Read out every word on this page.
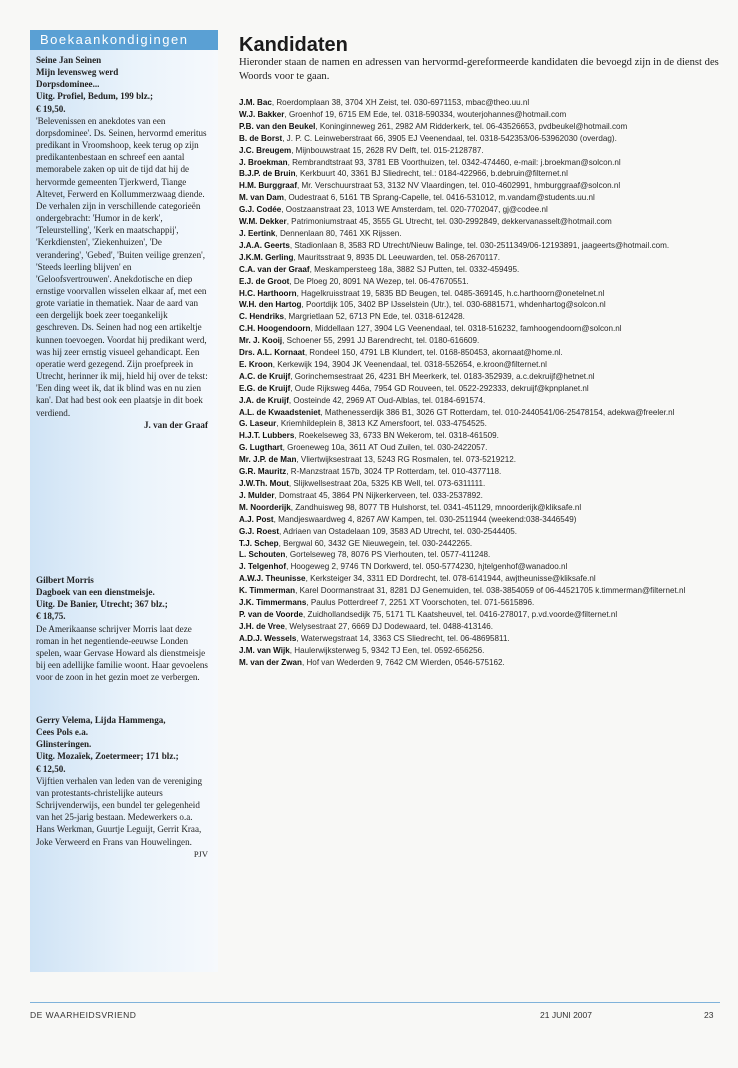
Boekaankondigingen

Seine Jan Seinen

Mijn levensweg werd

Dorpsdominee...

Uitg. Profiel, Bedum, 199 blz.;

€ 19,50.

'Belevenissen en anekdotes van een dorpsdominee'. Ds. Seinen, hervormd emeritus predikant in Vroomshoop, keek terug op zijn predikantenbestaan en schreef een aantal memorabele zaken op uit de tijd dat hij de hervormde gemeenten Tjerkwerd, Tiange Altevet, Ferwerd en Kollummerzwaag diende. De verhalen zijn in verschillende categorieën ondergebracht: 'Humor in de kerk', 'Teleurstelling', 'Kerk en maatschappij', 'Kerkdiensten', 'Ziekenhuizen', 'De verandering', 'Gebed', 'Buiten veilige grenzen', 'Steeds leerling blijven' en 'Geloofsvertrouwen'. Anekdotische en diep ernstige voorvallen wisselen elkaar af, met een grote variatie in thematiek. Naar de aard van een dergelijk boek zeer toegankelijk geschreven. Ds. Seinen had nog een artikeltje kunnen toevoegen. Voordat hij predikant werd, was hij zeer ernstig visueel gehandicapt. Een operatie werd gezegend. Zijn proefpreek in Utrecht, herinner ik mij, hield hij over de tekst: 'Een ding weet ik, dat ik blind was en nu zien kan'. Dat had best ook een plaatsje in dit boek verdiend.

J. van der Graaf

Gilbert Morris

Dagboek van een dienstmeisje.

Uitg. De Banier, Utrecht; 367 blz.;

€ 18,75.

De Amerikaanse schrijver Morris laat deze roman in het negentiende-eeuwse Londen spelen, waar Gervase Howard als dienstmeisje bij een adellijke familie woont. Haar gevoelens voor de zoon in het gezin moet ze verbergen.

Gerry Velema, Lijda Hammenga,

Cees Pols e.a.

Glinsteringen.

Uitg. Mozaïek, Zoetermeer; 171 blz.;

€ 12,50.

Vijftien verhalen van leden van de vereniging van protestants-christelijke auteurs Schrijvenderwijs, een bundel ter gelegenheid van het 25-jarig bestaan. Medewerkers o.a. Hans Werkman, Guurtje Leguijt, Gerrit Kraa, Joke Verweerd en Frans van Houwelingen.

PJV

Kandidaten
Hieronder staan de namen en adressen van hervormd-gereformeerde kandidaten die bevoegd zijn in de dienst des Woords voor te gaan.
J.M. Bac, Roerdomplaan 38, 3704 XH Zeist, tel. 030-6971153, mbac@theo.uu.nl
W.J. Bakker, Groenhof 19, 6715 EM Ede, tel. 0318-590334, wouterjohannes@hotmail.com
P.B. van den Beukel, Koninginneweg 261, 2982 AM Ridderkerk, tel. 06-43526653, pvdbeukel@hotmail.com
B. de Borst, J. P. C. Leinweberstraat 66, 3905 EJ Veenendaal, tel. 0318-542353/06-53962030 (overdag).
J.C. Breugem, Mijnbouwstraat 15, 2628 RV Delft, tel. 015-2128787.
J. Broekman, Rembrandtstraat 93, 3781 EB Voorthuizen, tel. 0342-474460, e-mail: j.broekman@solcon.nl
B.J.P. de Bruin, Kerkbuurt 40, 3361 BJ Sliedrecht, tel.: 0184-422966, b.debruin@filternet.nl
H.M. Burggraaf, Mr. Verschuurstraat 53, 3132 NV Vlaardingen, tel. 010-4602991, hmburggraaf@solcon.nl
M. van Dam, Oudestraat 6, 5161 TB Sprang-Capelle, tel. 0416-531012, m.vandam@students.uu.nl
G.J. Codée, Oostzaanstraat 23, 1013 WE Amsterdam, tel. 020-7702047, gj@codee.nl
W.M. Dekker, Patrimoniumstraat 45, 3555 GL Utrecht, tel. 030-2992849, dekkervanasselt@hotmail.com
J. Eertink, Dennenlaan 80, 7461 XK Rijssen.
J.A.A. Geerts, Stadionlaan 8, 3583 RD Utrecht/Nieuw Balinge, tel. 030-2511349/06-12193891, jaageerts@hotmail.com.
J.K.M. Gerling, Mauritsstraat 9, 8935 DL Leeuwarden, tel. 058-2670117.
C.A. van der Graaf, Meskampersteeg 18a, 3882 SJ Putten, tel. 0332-459495.
E.J. de Groot, De Ploeg 20, 8091 NA Wezep, tel. 06-47670551.
H.C. Harthoorn, Hagelkruisstraat 19, 5835 BD Beugen, tel. 0485-369145, h.c.harthoorn@onetelnet.nl
W.H. den Hartog, Poortdijk 105, 3402 BP IJsselstein (Utr.), tel. 030-6881571, whdenhartog@solcon.nl
C. Hendriks, Margrietlaan 52, 6713 PN Ede, tel. 0318-612428.
C.H. Hoogendoorn, Middellaan 127, 3904 LG Veenendaal, tel. 0318-516232, famhoogendoorn@solcon.nl
Mr. J. Kooij, Schoener 55, 2991 JJ Barendrecht, tel. 0180-616609.
Drs. A.L. Kornaat, Rondeel 150, 4791 LB Klundert, tel. 0168-850453, akornaat@home.nl.
E. Kroon, Kerkewijk 194, 3904 JK Veenendaal, tel. 0318-552654, e.kroon@filternet.nl
A.C. de Kruijf, Gorinchemsestraat 26, 4231 BH Meerkerk, tel. 0183-352939, a.c.dekruijf@hetnet.nl
E.G. de Kruijf, Oude Rijksweg 446a, 7954 GD Rouveen, tel. 0522-292333, dekruijf@kpnplanet.nl
J.A. de Kruijf, Oosteinde 42, 2969 AT Oud-Alblas, tel. 0184-691574.
A.L. de Kwaadsteniet, Mathenesserdijk 386 B1, 3026 GT Rotterdam, tel. 010-2440541/06-25478154, adekwa@freeler.nl
G. Laseur, Kriemhildeplein 8, 3813 KZ Amersfoort, tel. 033-4754525.
H.J.T. Lubbers, Roekelseweg 33, 6733 BN Wekerom, tel. 0318-461509.
G. Lugthart, Groeneweg 10a, 3611 AT Oud Zuilen, tel. 030-2422057.
Mr. J.P. de Man, Vliertwijksestraat 13, 5243 RG Rosmalen, tel. 073-5219212.
G.R. Mauritz, R-Manzstraat 157b, 3024 TP Rotterdam, tel. 010-4377118.
J.W.Th. Mout, Slijkwellsestraat 20a, 5325 KB Well, tel. 073-6311111.
J. Mulder, Domstraat 45, 3864 PN Nijkerkerveen, tel. 033-2537892.
M. Noorderijk, Zandhuisweg 98, 8077 TB Hulshorst, tel. 0341-451129, mnoorderijk@kliksafe.nl
A.J. Post, Mandjeswaardweg 4, 8267 AW Kampen, tel. 030-2511944 (weekend:038-3446549)
G.J. Roest, Adriaen van Ostadelaan 109, 3583 AD Utrecht, tel. 030-2544405.
T.J. Schep, Bergwal 60, 3432 GE Nieuwegein, tel. 030-2442265.
L. Schouten, Gortelseweg 78, 8076 PS Vierhouten, tel. 0577-411248.
J. Telgenhof, Hoogeweg 2, 9746 TN Dorkwerd, tel. 050-5774230, hjtelgenhof@wanadoo.nl
A.W.J. Theunisse, Kerksteiger 34, 3311 ED Dordrecht, tel. 078-6141944, awjtheunisse@kliksafe.nl
K. Timmerman, Karel Doormanstraat 31, 8281 DJ Genemuiden, tel. 038-3854059 of 06-44521705 k.timmerman@filternet.nl
J.K. Timmermans, Paulus Potterdreef 7, 2251 XT Voorschoten, tel. 071-5615896.
P. van de Voorde, Zuidhollandsedijk 75, 5171 TL Kaatsheuvel, tel. 0416-278017, p.vd.voorde@filternet.nl
J.H. de Vree, Welysestraat 27, 6669 DJ Dodewaard, tel. 0488-413146.
A.D.J. Wessels, Waterwegstraat 14, 3363 CS Sliedrecht, tel. 06-48695811.
J.M. van Wijk, Haulerwijksterweg 5, 9342 TJ Een, tel. 0592-656256.
M. van der Zwan, Hof van Wederden 9, 7642 CM Wierden, 0546-575162.
DE WAARHEIDSVRIEND	21 JUNI 2007	23
